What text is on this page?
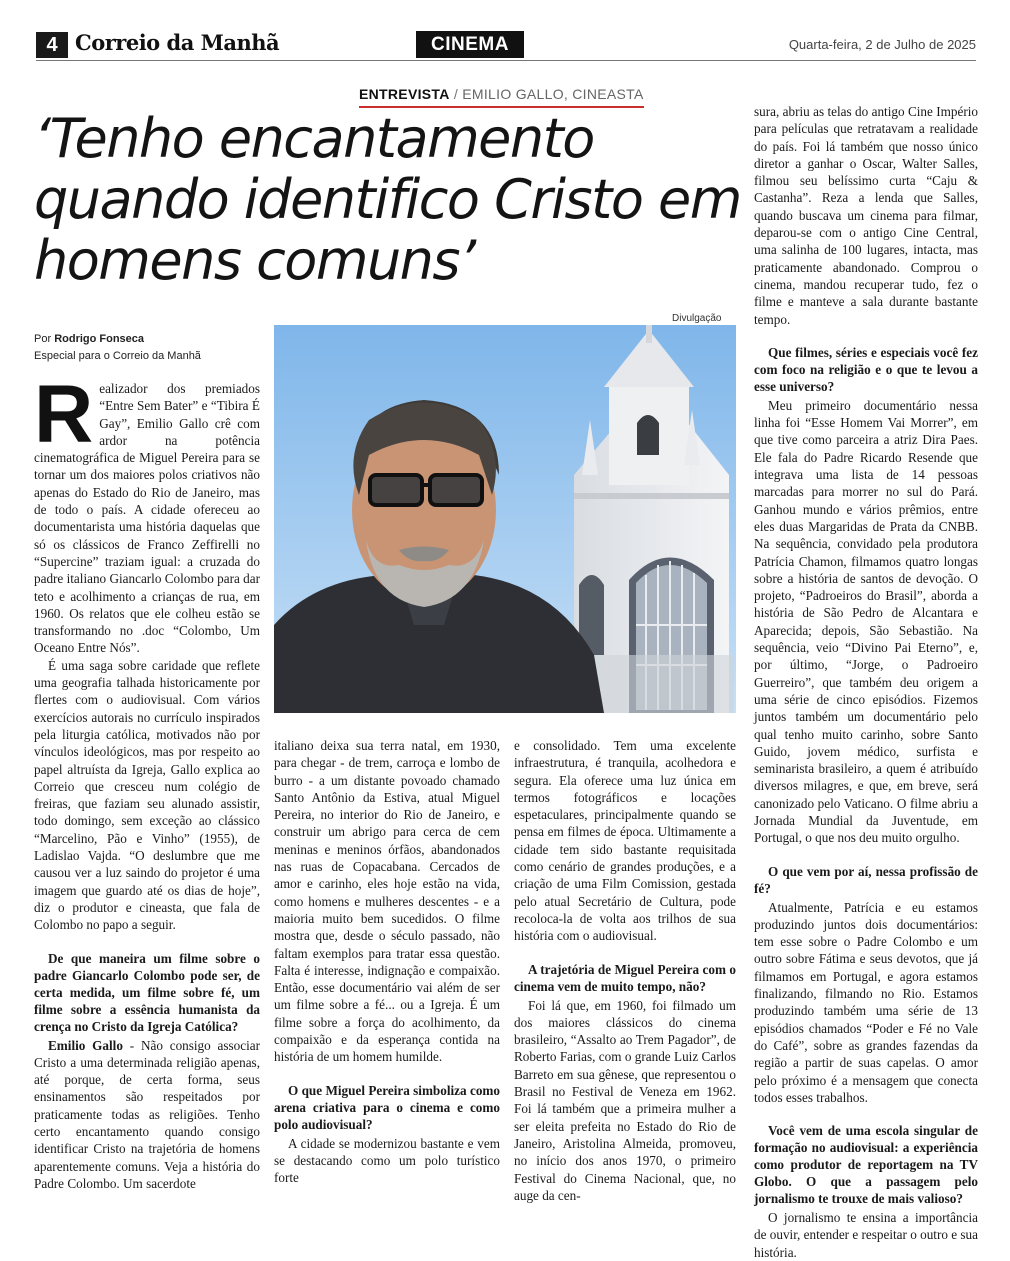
4 Correio da Manhã	CINEMA	Quarta-feira, 2 de Julho de 2025
ENTREVISTA / EMILIO GALLO, CINEASTA
‘Tenho encantamento quando identifico Cristo em homens comuns’
Por Rodrigo Fonseca
Especial para o Correio da Manhã
Divulgação

Realizador dos premiados “Entre Sem Bater” e “Tibira É Gay”, Emilio Gallo crê com ardor na potência cinematográfica de Miguel Pereira para se tornar um dos maiores polos criativos não apenas do Estado do Rio de Janeiro, mas de todo o país. A cidade ofereceu ao documentarista uma história daquelas que só os clássicos de Franco Zeffirelli no “Supercine” traziam igual: a cruzada do padre italiano Giancarlo Colombo para dar teto e acolhimento a crianças de rua, em 1960. Os relatos que ele colheu estão se transformando no .doc “Colombo, Um Oceano Entre Nós”.

É uma saga sobre caridade que reflete uma geografia talhada historicamente por flertes com o audiovisual. Com vários exercícios autorais no currículo inspirados pela liturgia católica, motivados não por vínculos ideológicos, mas por respeito ao papel altruísta da Igreja, Gallo explica ao Correio que cresceu num colégio de freiras, que faziam seu alunado assistir, todo domingo, sem exceção ao clássico “Marcelino, Pão e Vinho” (1955), de Ladislao Vajda. “O deslumbre que me causou ver a luz saindo do projetor é uma imagem que guardo até os dias de hoje”, diz o produtor e cineasta, que fala de Colombo no papo a seguir.

De que maneira um filme sobre o padre Giancarlo Colombo pode ser, de certa medida, um filme sobre fé, um filme sobre a essência humanista da crença no Cristo da Igreja Católica?

Emilio Gallo - Não consigo associar Cristo a uma determinada religião apenas, até porque, de certa forma, seus ensinamentos são respeitados por praticamente todas as religiões. Tenho certo encantamento quando consigo identificar Cristo na trajetória de homens aparentemente comuns. Veja a história do Padre Colombo. Um sacerdote

italiano deixa sua terra natal, em 1930, para chegar - de trem, carroça e lombo de burro - a um distante povoado chamado Santo Antônio da Estiva, atual Miguel Pereira, no interior do Rio de Janeiro, e construir um abrigo para cerca de cem meninas e meninos órfãos, abandonados nas ruas de Copacabana. Cercados de amor e carinho, eles hoje estão na vida, como homens e mulheres descentes - e a maioria muito bem sucedidos. O filme mostra que, desde o século passado, não faltam exemplos para tratar essa questão. Falta é interesse, indignação e compaixão. Então, esse documentário vai além de ser um filme sobre a fé... ou a Igreja. É um filme sobre a força do acolhimento, da compaixão e da esperança contida na história de um homem humilde.

O que Miguel Pereira simboliza como arena criativa para o cinema e como polo audiovisual?

A cidade se modernizou bastante e vem se destacando como um polo turístico forte

e consolidado. Tem uma excelente infraestrutura, é tranquila, acolhedora e segura. Ela oferece uma luz única em termos fotográficos e locações espetaculares, principalmente quando se pensa em filmes de época. Ultimamente a cidade tem sido bastante requisitada como cenário de grandes produções, e a criação de uma Film Comission, gestada pelo atual Secretário de Cultura, pode recoloca-la de volta aos trilhos de sua história com o audiovisual.

A trajetória de Miguel Pereira com o cinema vem de muito tempo, não?

Foi lá que, em 1960, foi filmado um dos maiores clássicos do cinema brasileiro, “Assalto ao Trem Pagador”, de Roberto Farias, com o grande Luiz Carlos Barreto em sua gênese, que representou o Brasil no Festival de Veneza em 1962. Foi lá também que a primeira mulher a ser eleita prefeita no Estado do Rio de Janeiro, Aristolina Almeida, promoveu, no início dos anos 1970, o primeiro Festival do Cinema Nacional, que, no auge da cen-

sura, abriu as telas do antigo Cine Império para películas que retratavam a realidade do país. Foi lá também que nosso único diretor a ganhar o Oscar, Walter Salles, filmou seu belíssimo curta “Caju & Castanha”. Reza a lenda que Salles, quando buscava um cinema para filmar, deparou-se com o antigo Cine Central, uma salinha de 100 lugares, intacta, mas praticamente abandonado. Comprou o cinema, mandou recuperar tudo, fez o filme e manteve a sala durante bastante tempo.

Que filmes, séries e especiais você fez com foco na religião e o que te levou a esse universo?

Meu primeiro documentário nessa linha foi “Esse Homem Vai Morrer”, em que tive como parceira a atriz Dira Paes. Ele fala do Padre Ricardo Resende que integrava uma lista de 14 pessoas marcadas para morrer no sul do Pará. Ganhou mundo e vários prêmios, entre eles duas Margaridas de Prata da CNBB. Na sequência, convidado pela produtora Patrícia Chamon, filmamos quatro longas sobre a história de santos de devoção. O projeto, “Padroeiros do Brasil”, aborda a história de São Pedro de Alcantara e Aparecida; depois, São Sebastião. Na sequência, veio “Divino Pai Eterno”, e, por último, “Jorge, o Padroeiro Guerreiro”, que também deu origem a uma série de cinco episódios. Fizemos juntos também um documentário pelo qual tenho muito carinho, sobre Santo Guido, jovem médico, surfista e seminarista brasileiro, a quem é atribuído diversos milagres, e que, em breve, será canonizado pelo Vaticano. O filme abriu a Jornada Mundial da Juventude, em Portugal, o que nos deu muito orgulho.

O que vem por aí, nessa profissão de fé?

Atualmente, Patrícia e eu estamos produzindo juntos dois documentários: tem esse sobre o Padre Colombo e um outro sobre Fátima e seus devotos, que já filmamos em Portugal, e agora estamos finalizando, filmando no Rio. Estamos produzindo também uma série de 13 episódios chamados “Poder e Fé no Vale do Café”, sobre as grandes fazendas da região a partir de suas capelas. O amor pelo próximo é a mensagem que conecta todos esses trabalhos.

Você vem de uma escola singular de formação no audiovisual: a experiência como produtor de reportagem na TV Globo. O que a passagem pelo jornalismo te trouxe de mais valioso?

O jornalismo te ensina a importância de ouvir, entender e respeitar o outro e sua história.
